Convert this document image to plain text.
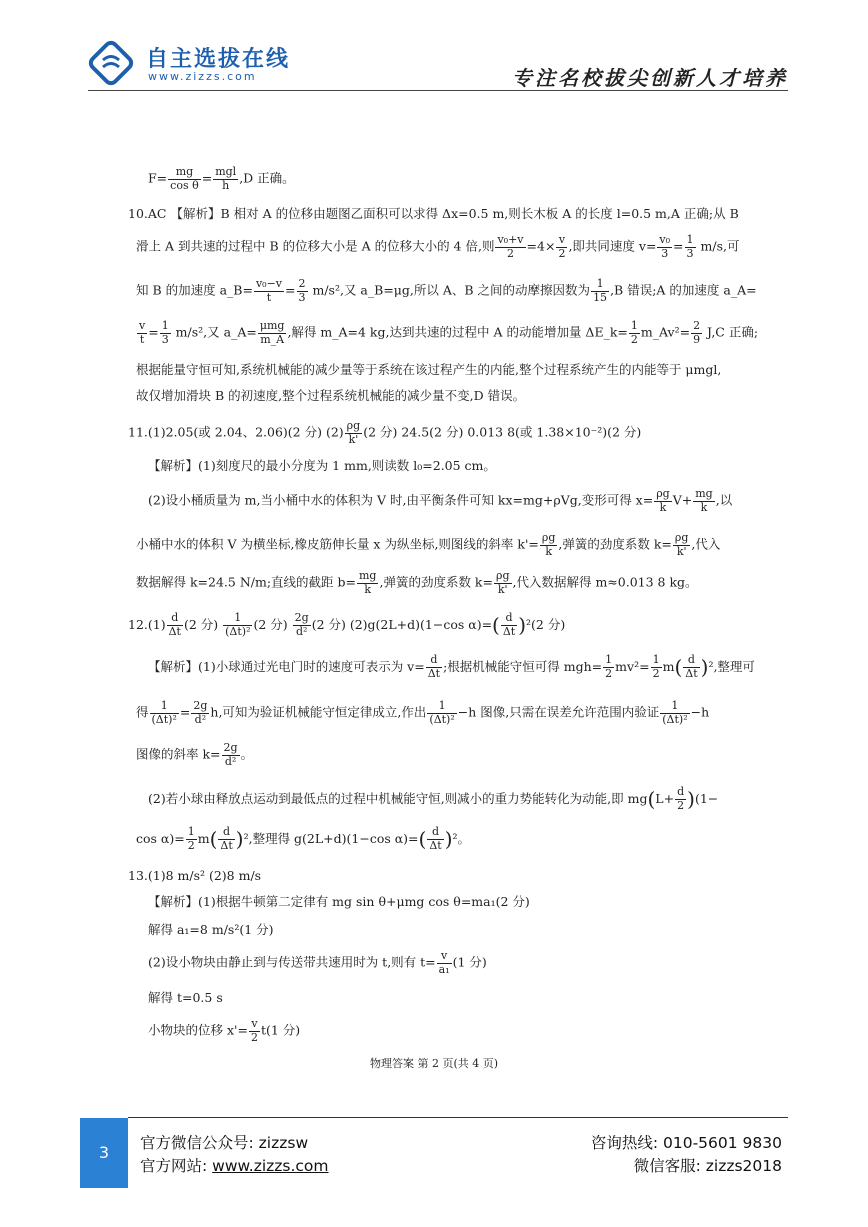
自主选拔在线
www.zizzs.com	专注名校拔尖创新人才培养
$F= \frac{mg}{\text{cos θ}} = \frac{\text{mgl}}{h} ,D$ 正确。
10.AC 【解析】B 相对 A 的位移由题图乙面积可以求得 Δx=0.5 m,则长木板 A 的长度 l=0.5 m,A 正确;从 B
滑上 A 到共速的过程中 B 的位移大小是 A 的位移大小的 4 倍,则 $\frac{\text{v₀+v}}{2} =4\times \frac{v}{2}$ ,即共同速度 $v= \frac{\text{v₀}}{3} = \frac{1}{3} m/s$,可
知 B 的加速度 a_B= $\frac{\text{v₀−v}}{t} = \frac{2}{3} m/s^2$,又 a_B=μg,所以 A、B 之间的动摩擦因数为 $\frac{1}{15} ,B$ 错误;A 的加速度 a_A=
$\frac{v}{t} = \frac{1}{3} m/s^2$,又 a_A= $\frac{\text{μmg}}{m\_A}$ ,解得 m_A=4 kg,达到共速的过程中 A 的动能增加量 ΔE_k= $\frac{1}{2}$ m_Av²= $\frac{2}{9} J,C$ 正确;
根据能量守恒可知,系统机械能的减少量等于系统在该过程产生的内能,整个过程系统产生的内能等于 μmgl,
故仅增加滑块 B 的初速度,整个过程系统机械能的减少量不变,D 错误。
11.(1)2.05(或 2.04、2.06)(2 分) $(2) \frac{\rho g}{k'} (2$ 分) 24.5(2 分) 0.013 8(或 1.38×10⁻²)(2 分)
【解析】(1)刻度尺的最小分度为 1 mm,则读数 l₀=2.05 cm。
(2)设小桶质量为 m,当小桶中水的体积为 V 时,由平衡条件可知 kx=mg+ρVg,变形可得 $x= \frac{\rho g}{k} V+ \frac{mg}{k}$ ,以
小桶中水的体积 V 为横坐标,橡皮筋伸长量 x 为纵坐标,则图线的斜率 $k'= \frac{\rho g}{k}$ ,弹簧的劲度系数 $k= \frac{\rho g}{k'}$ ,代入
数据解得 k=24.5 N/m;直线的截距 $b= \frac{mg}{k}$ ,弹簧的劲度系数 $k= \frac{\rho g}{k'}$ ,代入数据解得 m≈0.013 8 kg。
$12.(1) \frac{d}{\Delta t} (2$ 分) $\frac{1}{\text{(Δt)²}} (2$ 分) $\frac{2g}{\text{d²}} (2$ 分) (2)g(2L+d)(1−cos $\alpha)=( \frac{d}{\Delta t} )^2(2$ 分)
【解析】(1)小球通过光电门时的速度可表示为 $v= \frac{d}{\Delta t}$ ;根据机械能守恒可得 $mgh= \frac{1}{2} mv^2= \frac{1}{2} m( \frac{d}{\Delta t} )^2$,整理可
得 $\frac{1}{\text{(Δt)²}} = \frac{2g}{\text{d²}} h$,可知为验证机械能守恒定律成立,作出 $\frac{1}{\text{(Δt)²}} -h$ 图像,只需在误差允许范围内验证 $\frac{1}{\text{(Δt)²}} -h$
图像的斜率 $k= \frac{2g}{\text{d²}}$ 。
(2)若小球由释放点运动到最低点的过程中机械能守恒,则减小的重力势能转化为动能,即 $mg(L+ \frac{d}{2} )(1-$
$\cos \alpha)= \frac{1}{2} m( \frac{d}{\Delta t} )^2$,整理得 g(2L+d)(1−cos $\alpha)=( \frac{d}{\Delta t} )^2$。
13.(1)8 m/s² (2)8 m/s
【解析】(1)根据牛顿第二定律有 mg sin θ+μmg cos θ=ma₁(2 分)
解得 a₁=8 m/s²(1 分)
(2)设小物块由静止到与传送带共速用时为 t,则有 $t= \frac{v}{\text{a₁}} (1$ 分)
解得 t=0.5 s
小物块的位移 $x'= \frac{v}{2} t(1$ 分)
物理答案 第 2 页(共 4 页)
3	官方微信公众号: zizzsw
官方网站: www.zizzs.com
咨询热线: 010-5601 9830
微信客服: zizzs2018
